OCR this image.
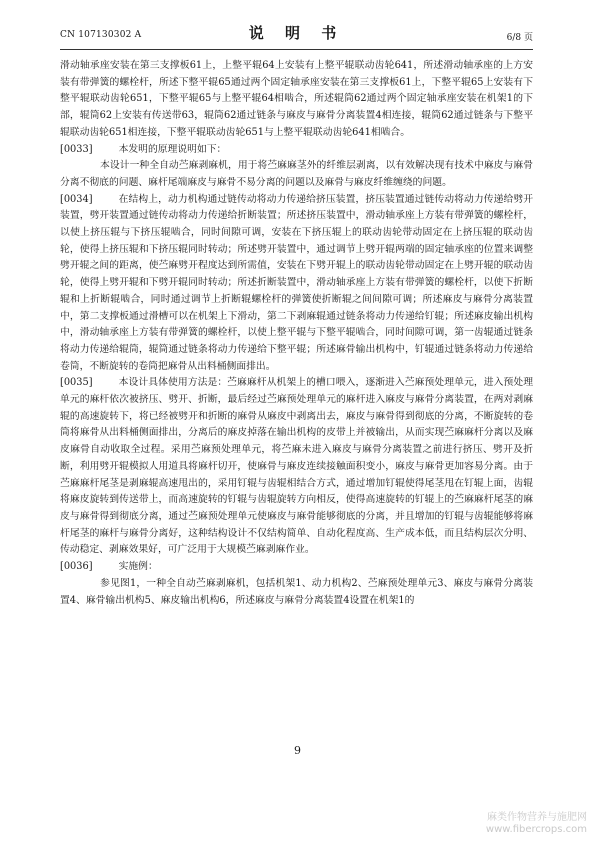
CN 107130302 A	说 明 书	6/8 页

滑动轴承座安装在第三支撑板61上，上整平辊64上安装有上整平辊联动齿轮641，所述滑动轴承座的上方安装有带弹簧的螺栓杆，所述下整平辊65通过两个固定轴承座安装在第三支撑板61上，下整平辊65上安装有下整平辊联动齿轮651，下整平辊65与上整平辊64相啮合，所述辊筒62通过两个固定轴承座安装在机架1的下部，辊筒62上安装有传送带63，辊筒62通过链条与麻皮与麻骨分离装置4相连接，辊筒62通过链条与下整平辊联动齿轮651相连接，下整平辊联动齿轮651与上整平辊联动齿轮641相啮合。

[0033]	本发明的原理说明如下：

本设计一种全自动苎麻剥麻机，用于将苎麻麻茎外的纤维层剥离，以有效解决现有技术中麻皮与麻骨分离不彻底的问题、麻杆尾端麻皮与麻骨不易分离的问题以及麻骨与麻皮纤维缠绕的问题。

[0034]	在结构上，动力机构通过链传动将动力传递给挤压装置，挤压装置通过链传动将动力传递给劈开装置，劈开装置通过链传动将动力传递给折断装置；所述挤压装置中，滑动轴承座上方装有带弹簧的螺栓杆，以使上挤压辊与下挤压辊啮合，同时间隙可调，安装在下挤压辊上的联动齿轮带动固定在上挤压辊的联动齿轮，使得上挤压辊和下挤压辊同时转动；所述劈开装置中，通过调节上劈开辊两端的固定轴承座的位置来调整劈开辊之间的距离，使苎麻劈开程度达到所需值，安装在下劈开辊上的联动齿轮带动固定在上劈开辊的联动齿轮，使得上劈开辊和下劈开辊同时转动；所述折断装置中，滑动轴承座上方装有带弹簧的螺栓杆，以使下折断辊和上折断辊啮合，同时通过调节上折断辊螺栓杆的弹簧使折断辊之间间隙可调；所述麻皮与麻骨分离装置中，第二支撑板通过滑槽可以在机架上下滑动，第二下剥麻辊通过链条将动力传递给钉辊；所述麻皮输出机构中，滑动轴承座上方装有带弹簧的螺栓杆，以使上整平辊与下整平辊啮合，同时间隙可调，第一齿辊通过链条将动力传递给辊筒，辊筒通过链条将动力传递给下整平辊；所述麻骨输出机构中，钉辊通过链条将动力传递给卷筒，不断旋转的卷筒把麻骨从出料桶侧面排出。

[0035]	本设计具体使用方法是：苎麻麻杆从机架上的槽口喂入，逐渐进入苎麻预处理单元，进入预处理单元的麻杆依次被挤压、劈开、折断，最后经过苎麻预处理单元的麻杆进入麻皮与麻骨分离装置，在两对剥麻辊的高速旋转下，将已经被劈开和折断的麻骨从麻皮中剥离出去，麻皮与麻骨得到彻底的分离，不断旋转的卷筒将麻骨从出料桶侧面排出，分离后的麻皮掉落在输出机构的皮带上并被输出，从而实现苎麻麻杆分离以及麻皮麻骨自动收取全过程。采用苎麻预处理单元，将苎麻未进入麻皮与麻骨分离装置之前进行挤压、劈开及折断，利用劈开辊模拟人用道具将麻杆切开，使麻骨与麻皮连续接触面积变小，麻皮与麻骨更加容易分离。由于苎麻麻杆尾茎是剥麻辊高速甩出的，采用钉辊与齿辊相结合方式，通过增加钉辊使得尾茎甩在钉辊上面，齿辊将麻皮旋转到传送带上，而高速旋转的钉辊与齿辊旋转方向相反，使得高速旋转的钉辊上的苎麻麻杆尾茎的麻皮与麻骨得到彻底分离，通过苎麻预处理单元使麻皮与麻骨能够彻底的分离，并且增加的钉辊与齿辊能够将麻杆尾茎的麻杆与麻骨分离好，这种结构设计不仅结构简单、自动化程度高、生产成本低，而且结构层次分明、传动稳定、剥麻效果好，可广泛用于大规模苎麻剥麻作业。

[0036]	实施例：

参见图1，一种全自动苎麻剥麻机，包括机架1、动力机构2、苎麻预处理单元3、麻皮与麻骨分离装置4、麻骨输出机构5、麻皮输出机构6，所述麻皮与麻骨分离装置4设置在机架1的

9
麻类作物营养与施肥网
www.fibercrops.com
